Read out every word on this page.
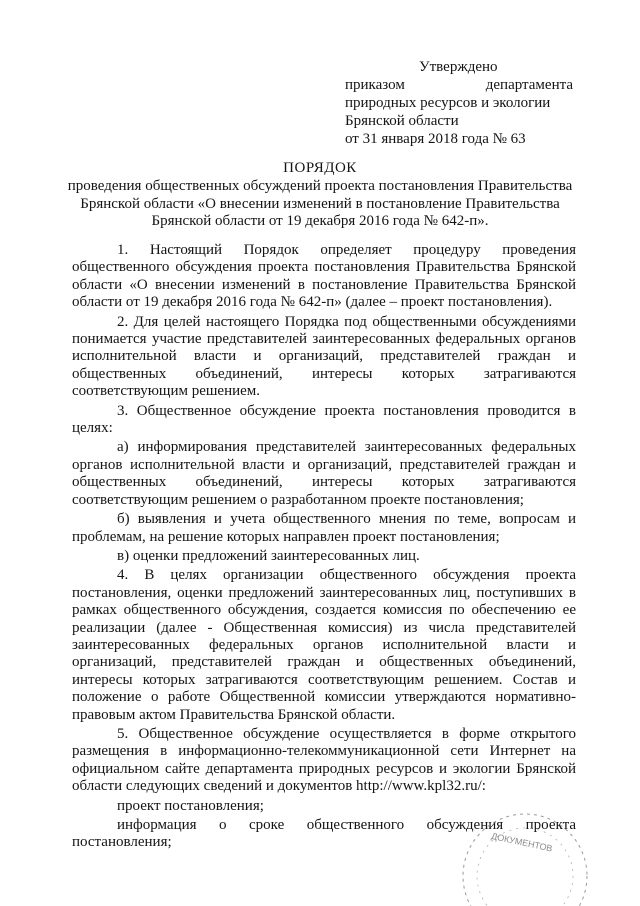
Утверждено
приказом	департамента
природных ресурсов и экологии
Брянской области
от 31 января 2018 года № 63
ПОРЯДОК
проведения общественных обсуждений проекта постановления Правительства Брянской области «О внесении изменений в постановление Правительства Брянской области от 19 декабря 2016 года № 642-п».

1. Настоящий Порядок определяет процедуру проведения общественного обсуждения проекта постановления Правительства Брянской области «О внесении изменений в постановление Правительства Брянской области от 19 декабря 2016 года № 642-п» (далее – проект постановления).

2. Для целей настоящего Порядка под общественными обсуждениями понимается участие представителей заинтересованных федеральных органов исполнительной власти и организаций, представителей граждан и общественных объединений, интересы которых затрагиваются соответствующим решением.

3. Общественное обсуждение проекта постановления проводится в целях:

а) информирования представителей заинтересованных федеральных органов исполнительной власти и организаций, представителей граждан и общественных объединений, интересы которых затрагиваются соответствующим решением о разработанном проекте постановления;

б) выявления и учета общественного мнения по теме, вопросам и проблемам, на решение которых направлен проект постановления;

в) оценки предложений заинтересованных лиц.

4. В целях организации общественного обсуждения проекта постановления, оценки предложений заинтересованных лиц, поступивших в рамках общественного обсуждения, создается комиссия по обеспечению ее реализации (далее - Общественная комиссия) из числа представителей заинтересованных федеральных органов исполнительной власти и организаций, представителей граждан и общественных объединений, интересы которых затрагиваются соответствующим решением. Состав и положение о работе Общественной комиссии утверждаются нормативно-правовым актом Правительства Брянской области.

5. Общественное обсуждение осуществляется в форме открытого размещения в информационно-телекоммуникационной сети Интернет на официальном сайте департамента природных ресурсов и экологии Брянской области следующих сведений и документов http://www.kpl32.ru/:

проект постановления;

информация о сроке общественного обсуждения проекта постановления;	ДОКУМЕНТОВ
